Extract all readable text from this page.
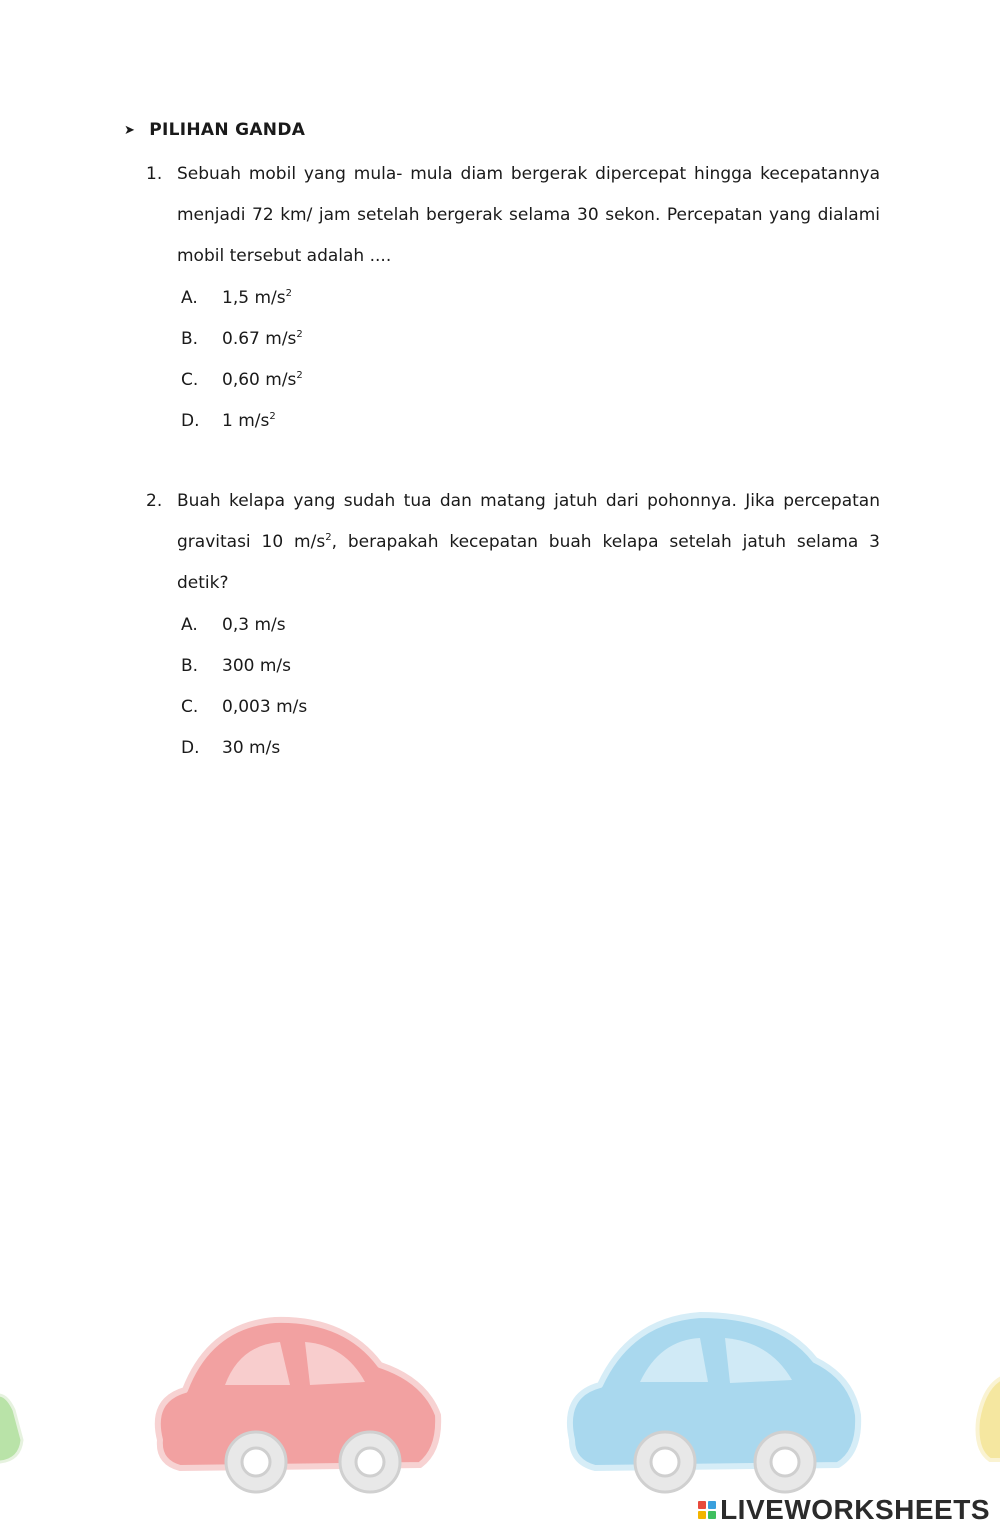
➤ PILIHAN GANDA
1. Sebuah mobil yang mula- mula diam bergerak dipercepat hingga kecepatannya menjadi 72 km/ jam setelah bergerak selama 30 sekon. Percepatan yang dialami mobil tersebut adalah ....
A.	1,5 $m/s^2$
B.	0.67 $m/s^2$
C.	0,60 $m/s^2$
D.	1 $m/s^2$
2. Buah kelapa yang sudah tua dan matang jatuh dari pohonnya. Jika percepatan gravitasi 10 $m/s^2$, berapakah kecepatan buah kelapa setelah jatuh selama 3 detik?
A.	0,3 m/s
B.	300 m/s
C.	0,003 m/s
D.	30 m/s
LIVEWORKSHEETS
